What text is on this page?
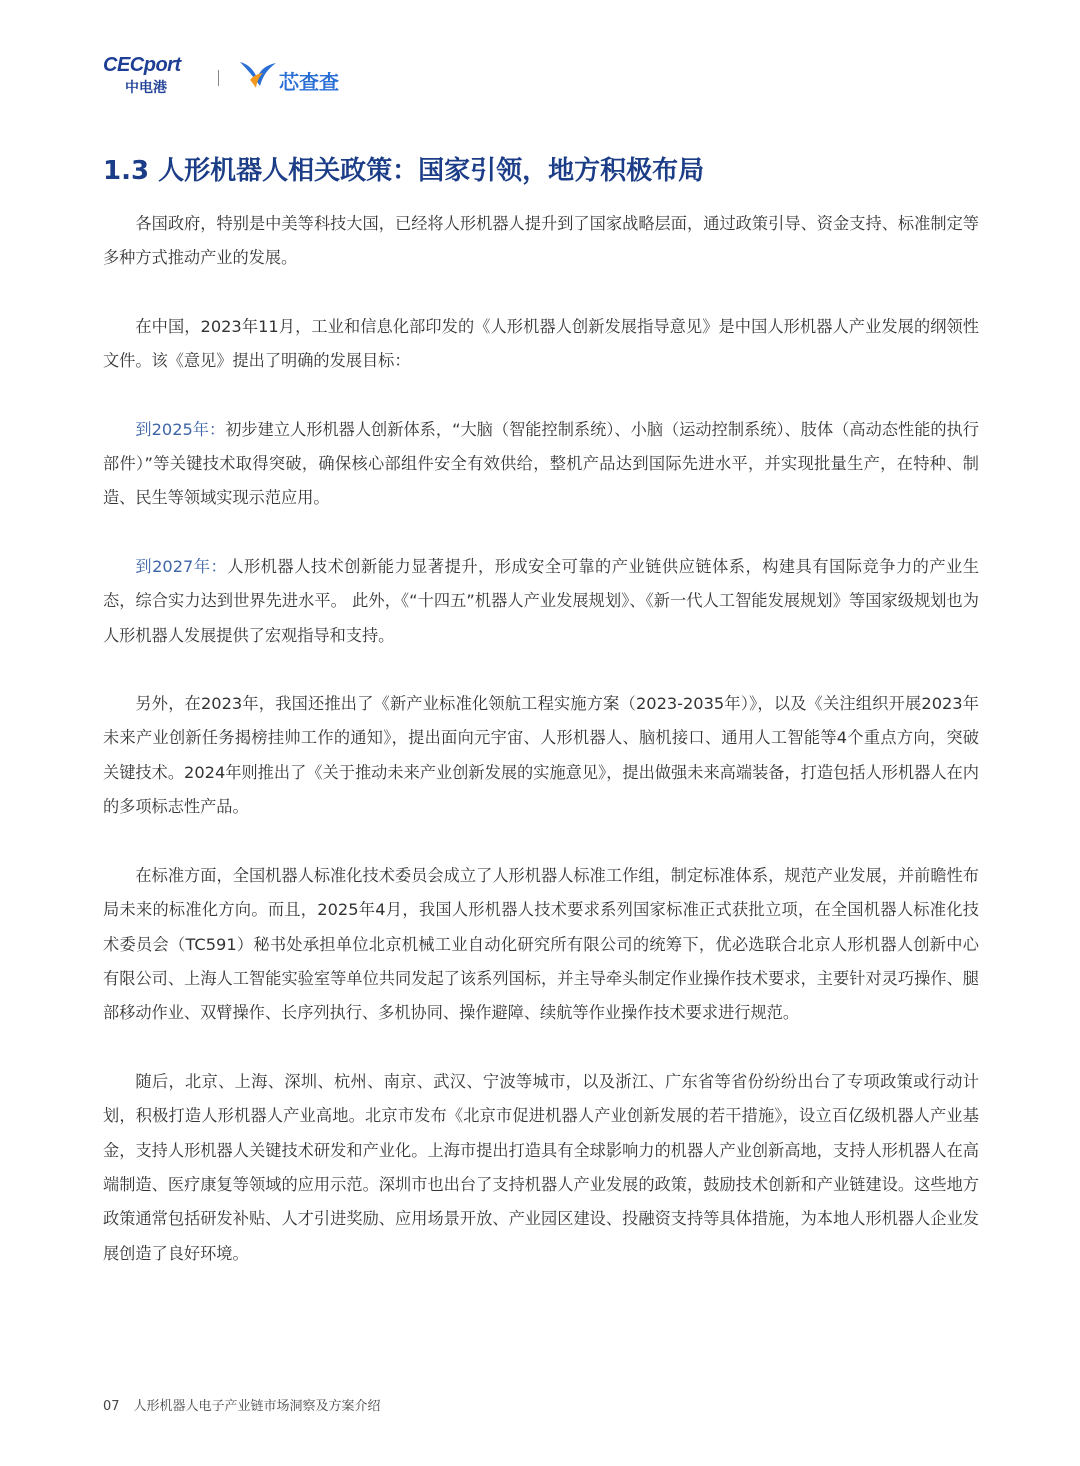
CECport
中电港	芯查查
1.3 人形机器人相关政策：国家引领，地方积极布局

各国政府，特别是中美等科技大国，已经将人形机器人提升到了国家战略层面，通过政策引导、资金支持、标准制定等多种方式推动产业的发展。

在中国，2023年11月，工业和信息化部印发的《人形机器人创新发展指导意见》是中国人形机器人产业发展的纲领性文件。该《意见》提出了明确的发展目标：

到2025年：初步建立人形机器人创新体系，“大脑（智能控制系统）、小脑（运动控制系统）、肢体（高动态性能的执行部件）”等关键技术取得突破，确保核心部组件安全有效供给，整机产品达到国际先进水平，并实现批量生产，在特种、制造、民生等领域实现示范应用。

到2027年：人形机器人技术创新能力显著提升，形成安全可靠的产业链供应链体系，构建具有国际竞争力的产业生态，综合实力达到世界先进水平。 此外，《“十四五”机器人产业发展规划》、《新一代人工智能发展规划》等国家级规划也为人形机器人发展提供了宏观指导和支持。

另外，在2023年，我国还推出了《新产业标准化领航工程实施方案（2023-2035年）》，以及《关注组织开展2023年未来产业创新任务揭榜挂帅工作的通知》，提出面向元宇宙、人形机器人、脑机接口、通用人工智能等4个重点方向，突破关键技术。2024年则推出了《关于推动未来产业创新发展的实施意见》，提出做强未来高端装备，打造包括人形机器人在内的多项标志性产品。

在标准方面，全国机器人标准化技术委员会成立了人形机器人标准工作组，制定标准体系，规范产业发展，并前瞻性布局未来的标准化方向。而且，2025年4月，我国人形机器人技术要求系列国家标准正式获批立项，在全国机器人标准化技术委员会（TC591）秘书处承担单位北京机械工业自动化研究所有限公司的统筹下，优必选联合北京人形机器人创新中心有限公司、上海人工智能实验室等单位共同发起了该系列国标，并主导牵头制定作业操作技术要求，主要针对灵巧操作、腿部移动作业、双臂操作、长序列执行、多机协同、操作避障、续航等作业操作技术要求进行规范。

随后，北京、上海、深圳、杭州、南京、武汉、宁波等城市，以及浙江、广东省等省份纷纷出台了专项政策或行动计划，积极打造人形机器人产业高地。北京市发布《北京市促进机器人产业创新发展的若干措施》，设立百亿级机器人产业基金，支持人形机器人关键技术研发和产业化。上海市提出打造具有全球影响力的机器人产业创新高地，支持人形机器人在高端制造、医疗康复等领域的应用示范。深圳市也出台了支持机器人产业发展的政策，鼓励技术创新和产业链建设。这些地方政策通常包括研发补贴、人才引进奖励、应用场景开放、产业园区建设、投融资支持等具体措施，为本地人形机器人企业发展创造了良好环境。

07 人形机器人电子产业链市场洞察及方案介绍
